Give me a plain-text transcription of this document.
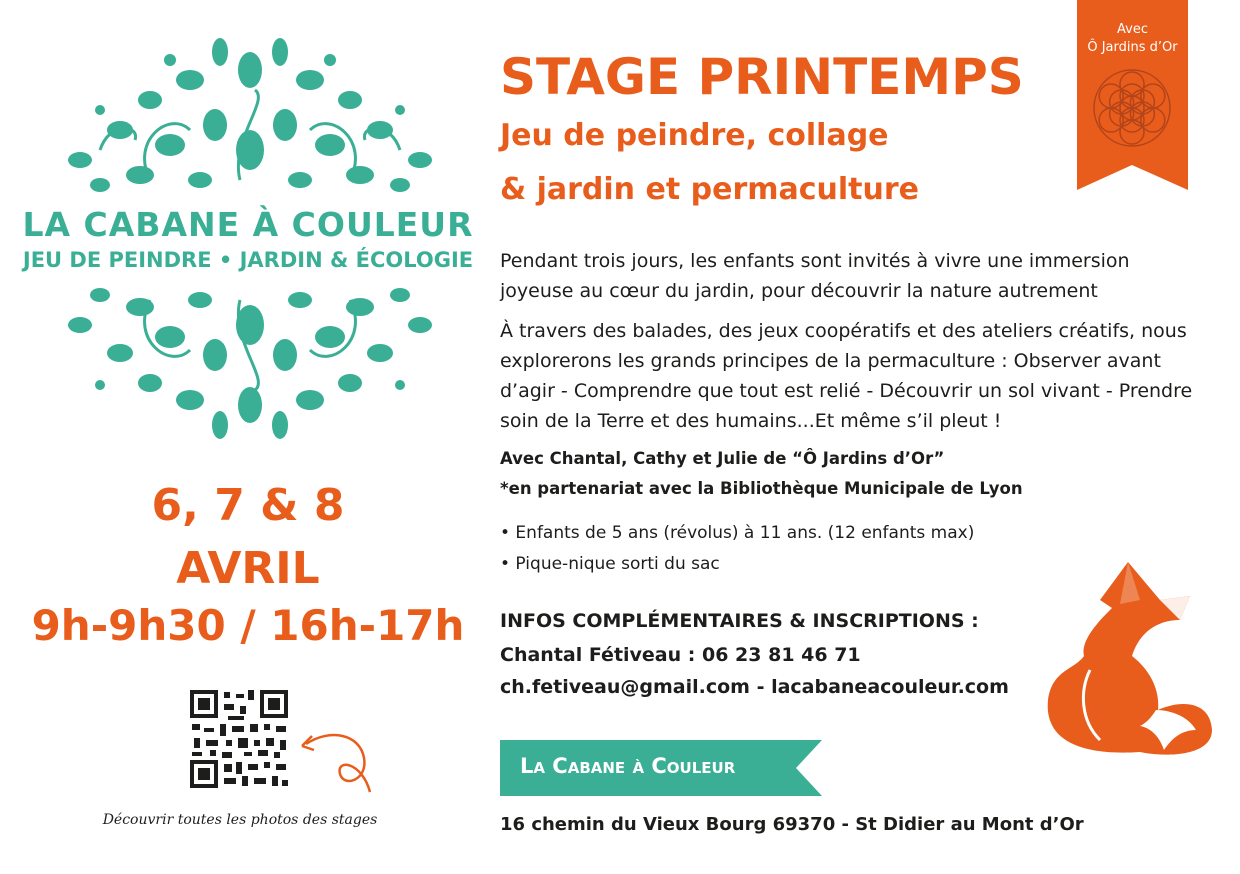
LA CABANE À COULEUR
JEU DE PEINDRE • JARDIN & ÉCOLOGIE
6, 7 & 8
AVRIL
9h-9h30 / 16h-17h
Découvrir toutes les photos des stages
STAGE PRINTEMPS
Jeu de peindre, collage
& jardin et permaculture
Pendant trois jours, les enfants sont invités à vivre une immersion joyeuse au cœur du jardin, pour découvrir la nature autrement
À travers des balades, des jeux coopératifs et des ateliers créatifs, nous explorerons les grands principes de la permaculture : Observer avant d’agir - Comprendre que tout est relié - Découvrir un sol vivant - Prendre soin de la Terre et des humains...Et même s’il pleut !
Avec Chantal, Cathy et Julie de “Ô Jardins d’Or”
*en partenariat avec la Bibliothèque Municipale de Lyon
• Enfants de 5 ans (révolus) à 11 ans. (12 enfants max)
• Pique-nique sorti du sac
INFOS COMPLÉMENTAIRES & INSCRIPTIONS :
Chantal Fétiveau : 06 23 81 46 71
ch.fetiveau@gmail.com - lacabaneacouleur.com
La Cabane à Couleur
16 chemin du Vieux Bourg 69370 - St Didier au Mont d’Or
Avec
Ô Jardins d’Or
